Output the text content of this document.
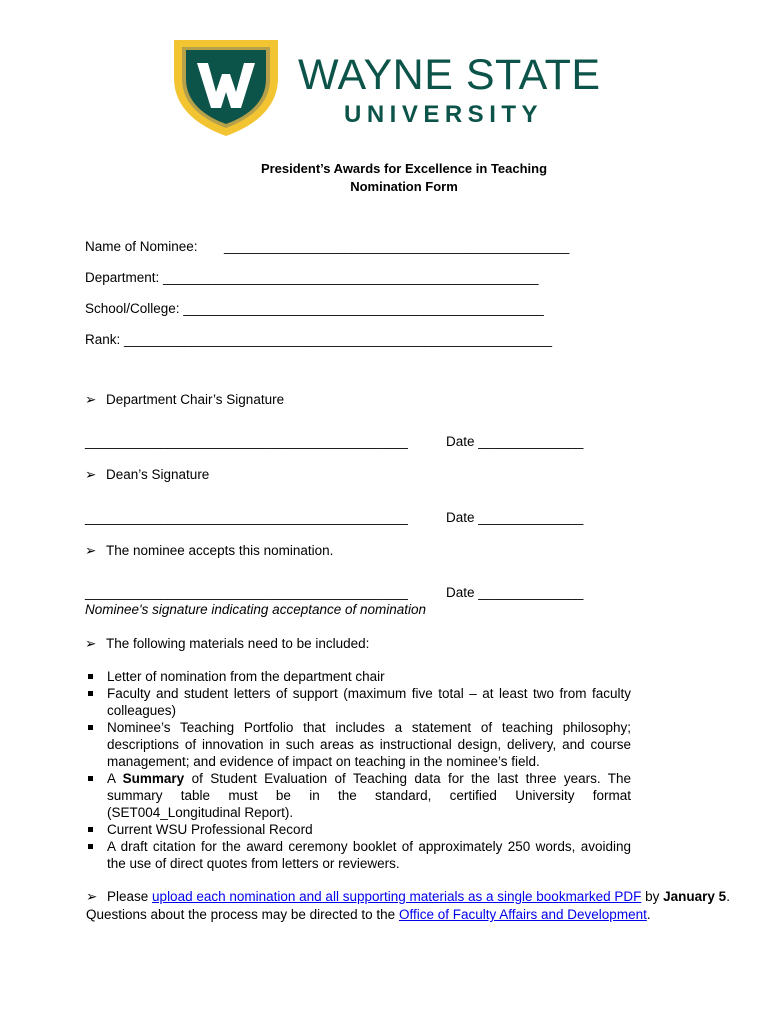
WAYNE STATE
UNIVERSITY
President’s Awards for Excellence in Teaching
Nomination Form
Name of Nominee: ______________________________________________
Department: __________________________________________________
School/College: ________________________________________________
Rank: _________________________________________________________
➢ Department Chair’s Signature
___________________________________________	Date ______________
➢ Dean’s Signature
___________________________________________	Date ______________
➢ The nominee accepts this nomination.
___________________________________________	Date ______________
Nominee's signature indicating acceptance of nomination
➢ The following materials need to be included:
Letter of nomination from the department chair
Faculty and student letters of support (maximum five total – at least two from faculty colleagues)
Nominee’s Teaching Portfolio that includes a statement of teaching philosophy; descriptions of innovation in such areas as instructional design, delivery, and course management; and evidence of impact on teaching in the nominee’s field.
A Summary of Student Evaluation of Teaching data for the last three years. The summary table must be in the standard, certified University format (SET004_Longitudinal Report).
Current WSU Professional Record
A draft citation for the award ceremony booklet of approximately 250 words, avoiding the use of direct quotes from letters or reviewers.
➢ Please upload each nomination and all supporting materials as a single bookmarked PDF by January 5. Questions about the process may be directed to the Office of Faculty Affairs and Development.
